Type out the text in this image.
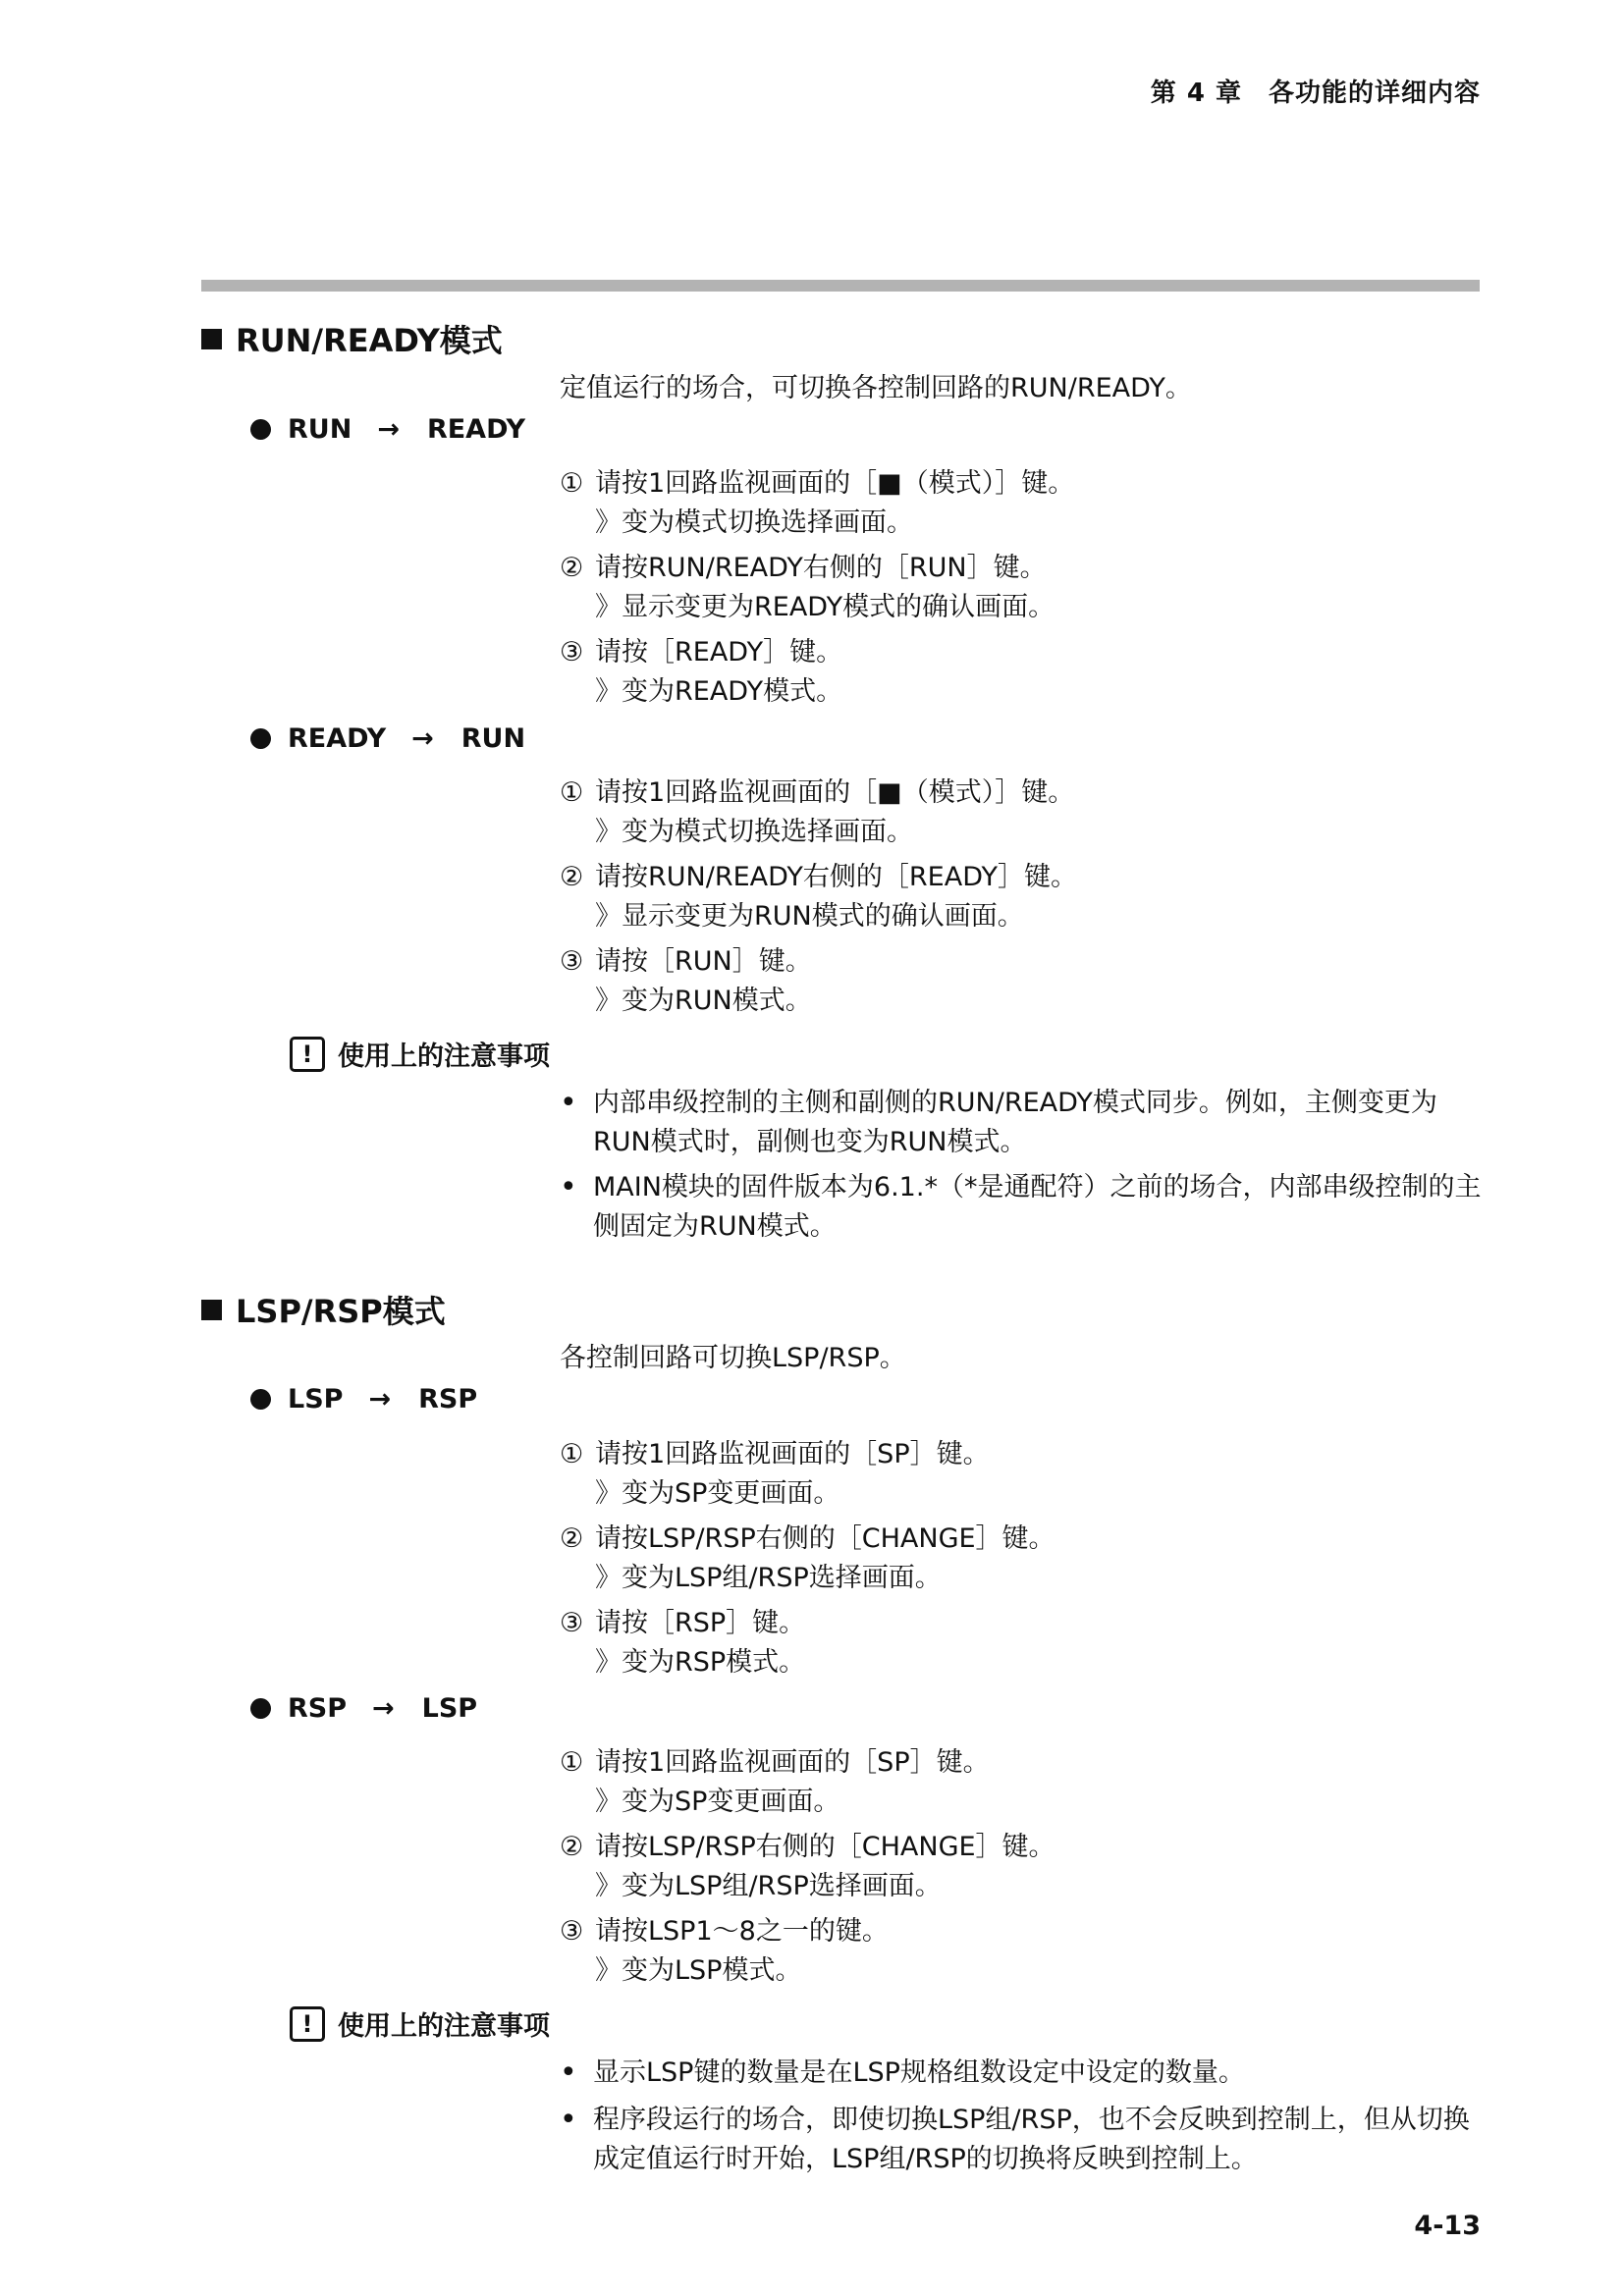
第 4 章　各功能的详细内容
RUN/READY模式
定值运行的场合，可切换各控制回路的RUN/READY。
RUN → READY
① 请按1回路监视画面的［■（模式）］键。
》变为模式切换选择画面。
② 请按RUN/READY右侧的［RUN］键。
》显示变更为READY模式的确认画面。
③ 请按［READY］键。
》变为READY模式。
READY → RUN
① 请按1回路监视画面的［■（模式）］键。
》变为模式切换选择画面。
② 请按RUN/READY右侧的［READY］键。
》显示变更为RUN模式的确认画面。
③ 请按［RUN］键。
》变为RUN模式。
! 使用上的注意事项
• 内部串级控制的主侧和副侧的RUN/READY模式同步。例如，主侧变更为RUN模式时，副侧也变为RUN模式。
• MAIN模块的固件版本为6.1.*（*是通配符）之前的场合，内部串级控制的主侧固定为RUN模式。
LSP/RSP模式
各控制回路可切换LSP/RSP。
LSP → RSP
① 请按1回路监视画面的［SP］键。
》变为SP变更画面。
② 请按LSP/RSP右侧的［CHANGE］键。
》变为LSP组/RSP选择画面。
③ 请按［RSP］键。
》变为RSP模式。
RSP → LSP
① 请按1回路监视画面的［SP］键。
》变为SP变更画面。
② 请按LSP/RSP右侧的［CHANGE］键。
》变为LSP组/RSP选择画面。
③ 请按LSP1～8之一的键。
》变为LSP模式。
! 使用上的注意事项
• 显示LSP键的数量是在LSP规格组数设定中设定的数量。
• 程序段运行的场合，即使切换LSP组/RSP，也不会反映到控制上，但从切换成定值运行时开始，LSP组/RSP的切换将反映到控制上。
4-13
